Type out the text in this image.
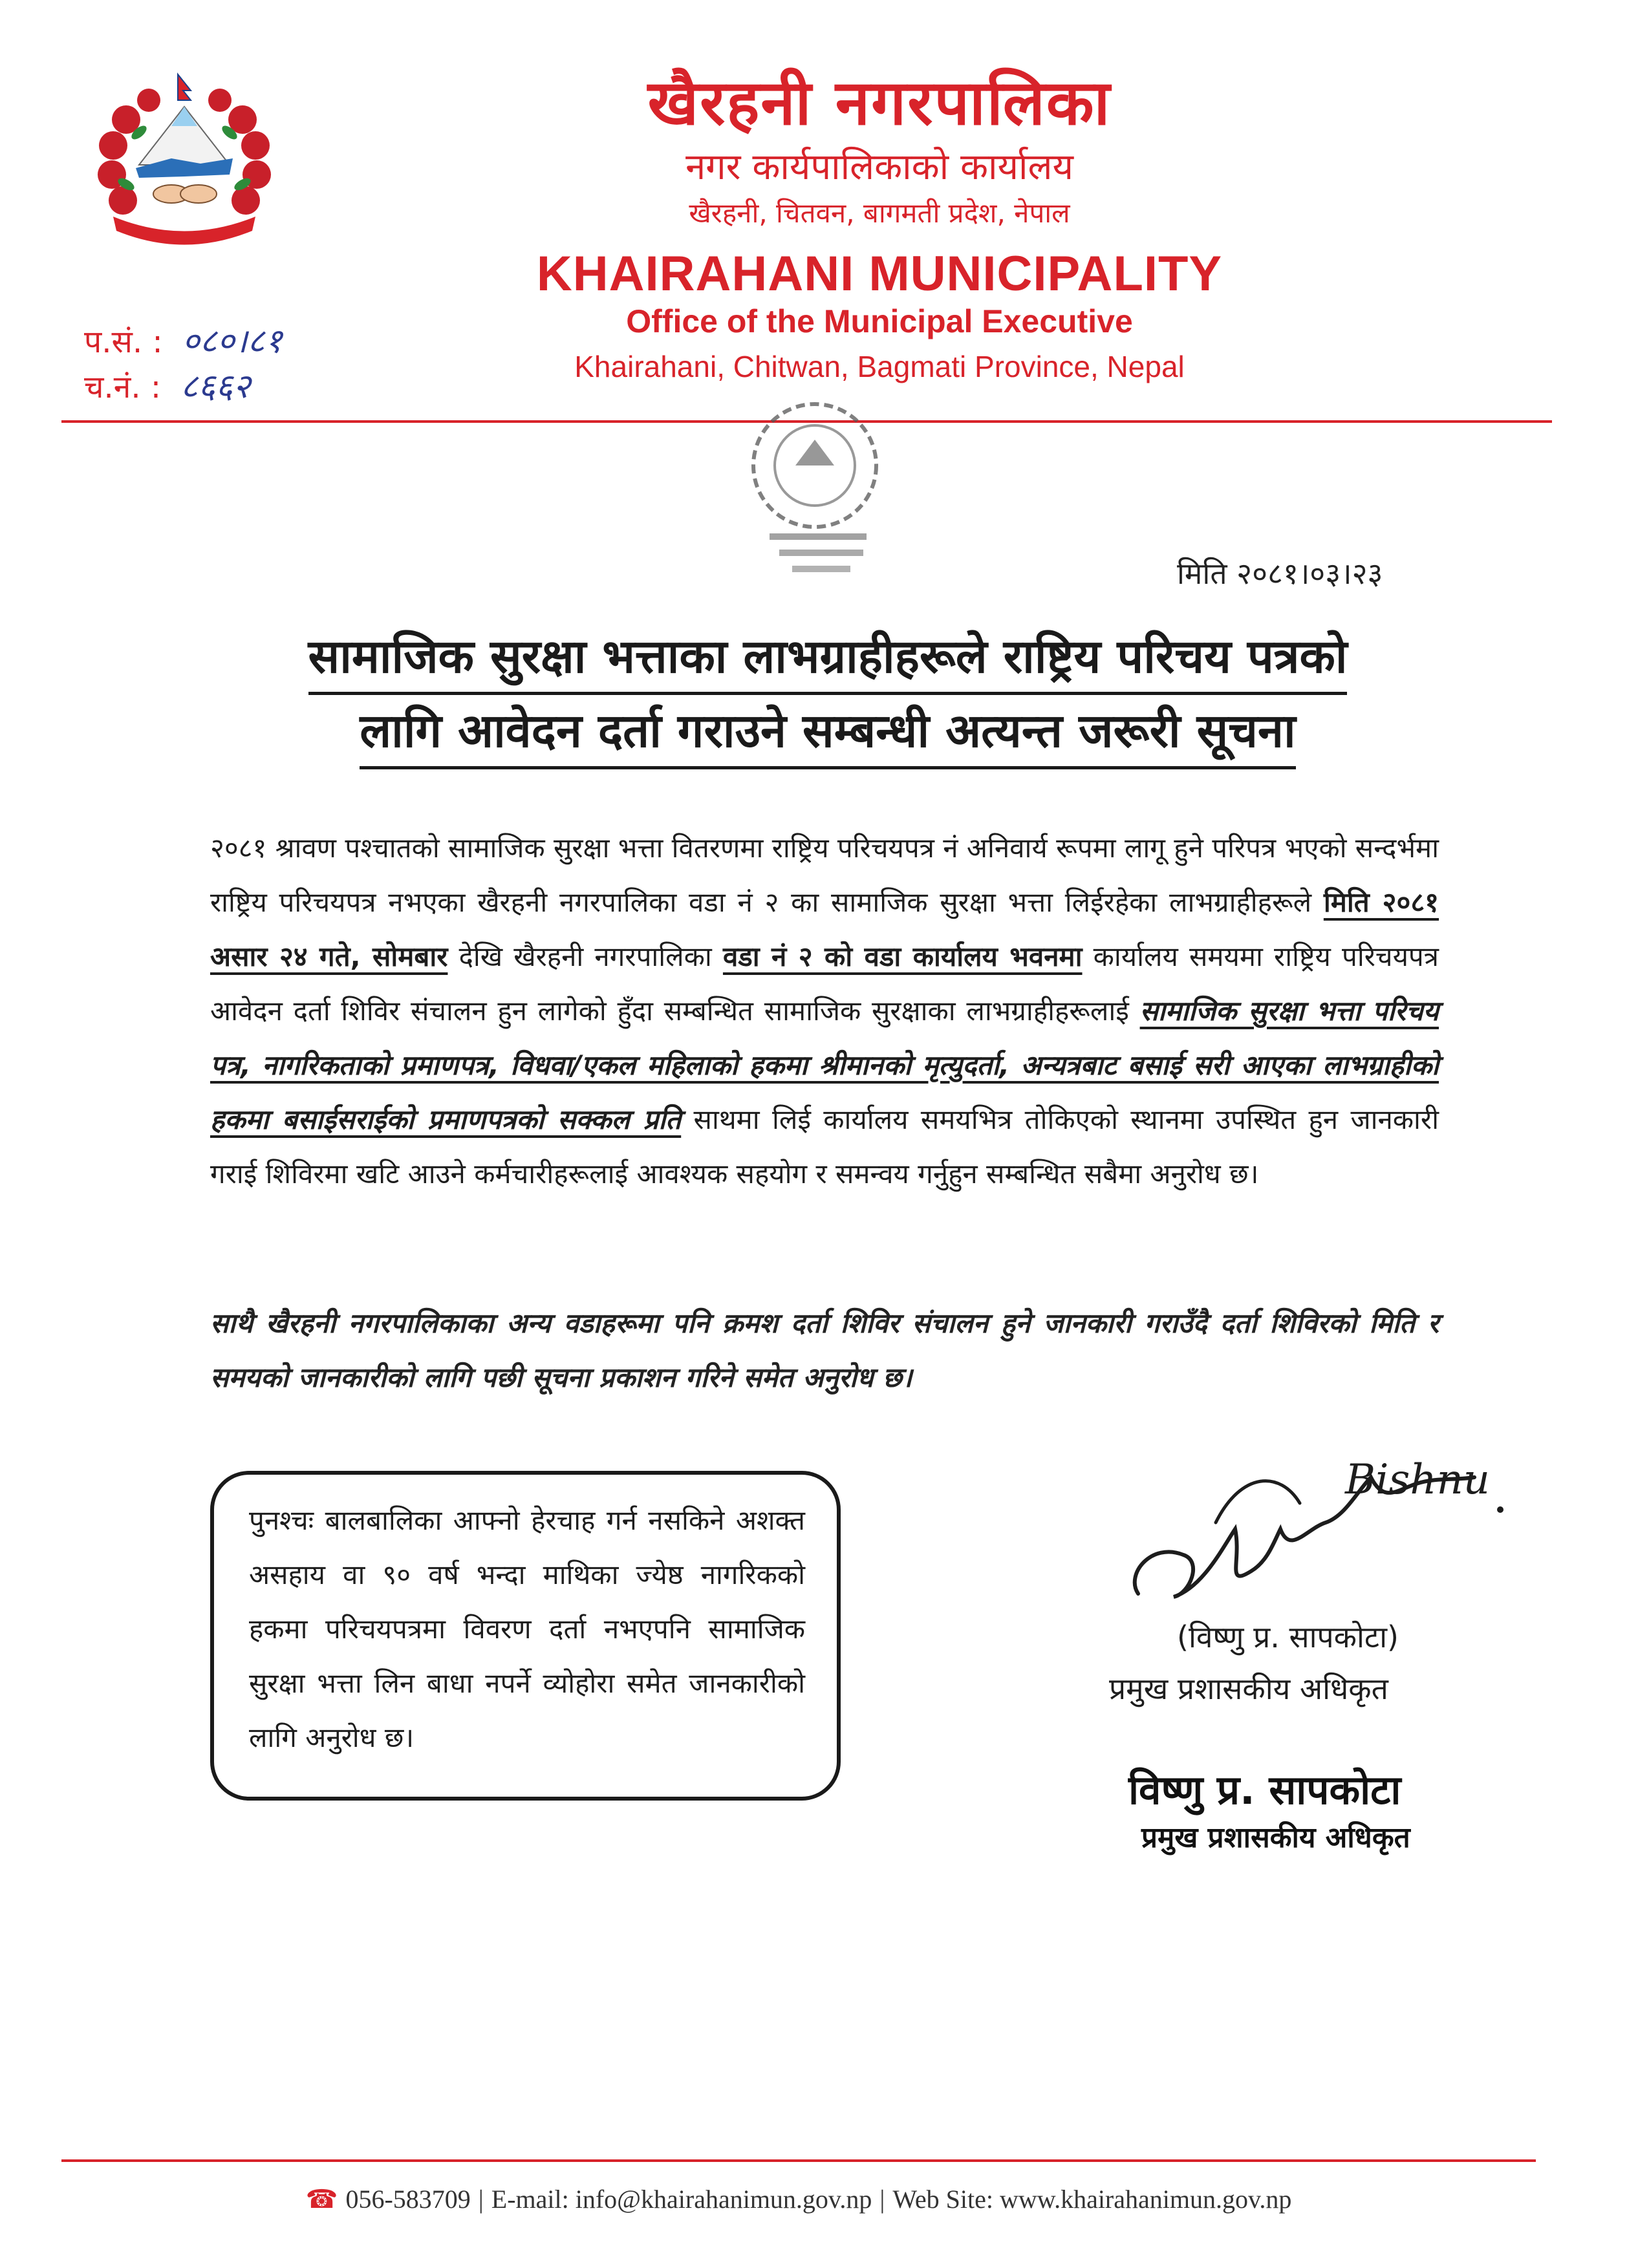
खैरहनी नगरपालिका
नगर कार्यपालिकाको कार्यालय
खैरहनी, चितवन, बागमती प्रदेश, नेपाल
KHAIRAHANI MUNICIPALITY
Office of the Municipal Executive
Khairahani, Chitwan, Bagmati Province, Nepal
प.सं. : ०८०।८१
च.नं. : ८६६२
मिति २०८१।०३।२३
सामाजिक सुरक्षा भत्ताका लाभग्राहीहरूले राष्ट्रिय परिचय पत्रको
लागि आवेदन दर्ता गराउने सम्बन्धी अत्यन्त जरूरी सूचना
२०८१ श्रावण पश्चातको सामाजिक सुरक्षा भत्ता वितरणमा राष्ट्रिय परिचयपत्र नं अनिवार्य रूपमा लागू हुने परिपत्र भएको सन्दर्भमा राष्ट्रिय परिचयपत्र नभएका खैरहनी नगरपालिका वडा नं २ का सामाजिक सुरक्षा भत्ता लिईरहेका लाभग्राहीहरूले मिति २०८१ असार २४ गते, सोमबार देखि खैरहनी नगरपालिका वडा नं २ को वडा कार्यालय भवनमा कार्यालय समयमा राष्ट्रिय परिचयपत्र आवेदन दर्ता शिविर संचालन हुन लागेको हुँदा सम्बन्धित सामाजिक सुरक्षाका लाभग्राहीहरूलाई सामाजिक सुरक्षा भत्ता परिचय पत्र, नागरिकताको प्रमाणपत्र, विधवा/एकल महिलाको हकमा श्रीमानको मृत्युदर्ता, अन्यत्रबाट बसाई सरी आएका लाभग्राहीको हकमा बसाईसराईको प्रमाणपत्रको सक्कल प्रति साथमा लिई कार्यालय समयभित्र तोकिएको स्थानमा उपस्थित हुन जानकारी गराई शिविरमा खटि आउने कर्मचारीहरूलाई आवश्यक सहयोग र समन्वय गर्नुहुन सम्बन्धित सबैमा अनुरोध छ।
साथै खैरहनी नगरपालिकाका अन्य वडाहरूमा पनि क्रमश दर्ता शिविर संचालन हुने जानकारी गराउँदै दर्ता शिविरको मिति र समयको जानकारीको लागि पछी सूचना प्रकाशन गरिने समेत अनुरोध छ।
पुनश्चः बालबालिका आफ्नो हेरचाह गर्न नसकिने अशक्त असहाय वा ९० वर्ष भन्दा माथिका ज्येष्ठ नागरिकको हकमा परिचयपत्रमा विवरण दर्ता नभएपनि सामाजिक सुरक्षा भत्ता लिन बाधा नपर्ने व्योहोरा समेत जानकारीको लागि अनुरोध छ।
Bishnu
(विष्णु प्र. सापकोटा)
प्रमुख प्रशासकीय अधिकृत
विष्णु प्र. सापकोटा
प्रमुख प्रशासकीय अधिकृत
☎ 056-583709 | E-mail: info@khairahanimun.gov.np | Web Site: www.khairahanimun.gov.np
